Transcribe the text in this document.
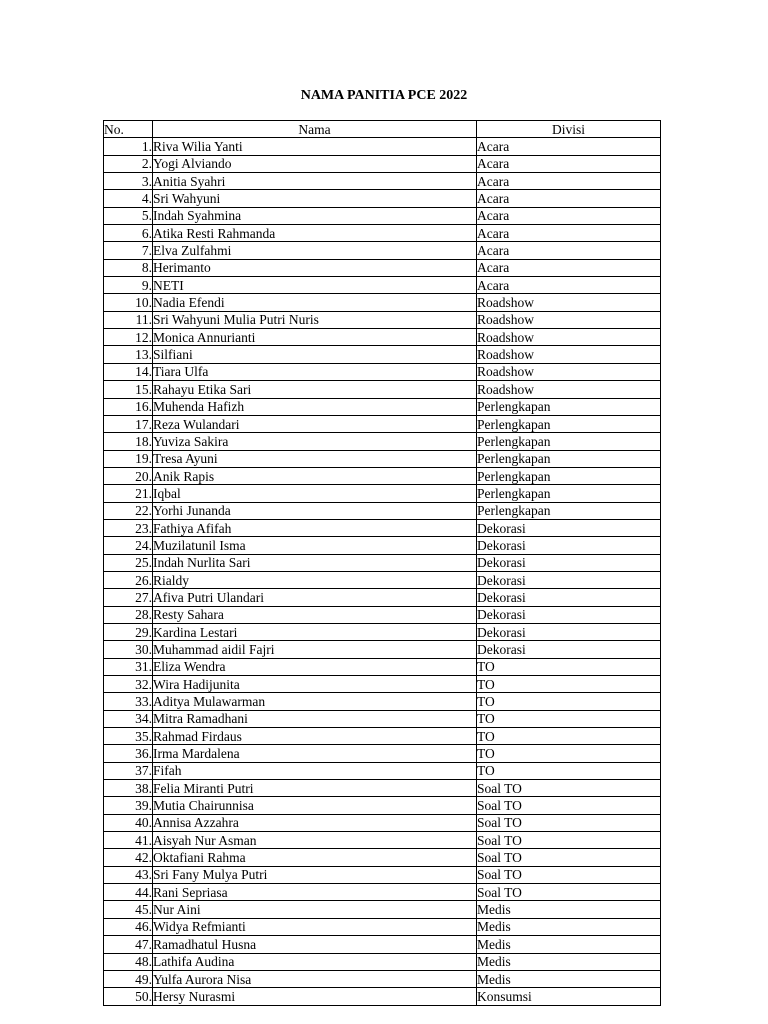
NAMA PANITIA PCE 2022
No.	Nama	Divisi
1.	Riva Wilia Yanti	Acara
2.	Yogi Alviando	Acara
3.	Anitia Syahri	Acara
4.	Sri Wahyuni	Acara
5.	Indah Syahmina	Acara
6.	Atika Resti Rahmanda	Acara
7.	Elva Zulfahmi	Acara
8.	Herimanto	Acara
9.	NETI	Acara
10.	Nadia Efendi	Roadshow
11.	Sri Wahyuni Mulia Putri Nuris	Roadshow
12.	Monica Annurianti	Roadshow
13.	Silfiani	Roadshow
14.	Tiara Ulfa	Roadshow
15.	Rahayu Etika Sari	Roadshow
16.	Muhenda Hafizh	Perlengkapan
17.	Reza Wulandari	Perlengkapan
18.	Yuviza Sakira	Perlengkapan
19.	Tresa Ayuni	Perlengkapan
20.	Anik Rapis	Perlengkapan
21.	Iqbal	Perlengkapan
22.	Yorhi Junanda	Perlengkapan
23.	Fathiya Afifah	Dekorasi
24.	Muzilatunil Isma	Dekorasi
25.	Indah Nurlita Sari	Dekorasi
26.	Rialdy	Dekorasi
27.	Afiva Putri Ulandari	Dekorasi
28.	Resty Sahara	Dekorasi
29.	Kardina Lestari	Dekorasi
30.	Muhammad aidil Fajri	Dekorasi
31.	Eliza Wendra	TO
32.	Wira Hadijunita	TO
33.	Aditya Mulawarman	TO
34.	Mitra Ramadhani	TO
35.	Rahmad Firdaus	TO
36.	Irma Mardalena	TO
37.	Fifah	TO
38.	Felia Miranti Putri	Soal TO
39.	Mutia Chairunnisa	Soal TO
40.	Annisa Azzahra	Soal TO
41.	Aisyah Nur Asman	Soal TO
42.	Oktafiani Rahma	Soal TO
43.	Sri Fany Mulya Putri	Soal TO
44.	Rani Sepriasa	Soal TO
45.	Nur Aini	Medis
46.	Widya Refmianti	Medis
47.	Ramadhatul Husna	Medis
48.	Lathifa Audina	Medis
49.	Yulfa Aurora Nisa	Medis
50.	Hersy Nurasmi	Konsumsi
